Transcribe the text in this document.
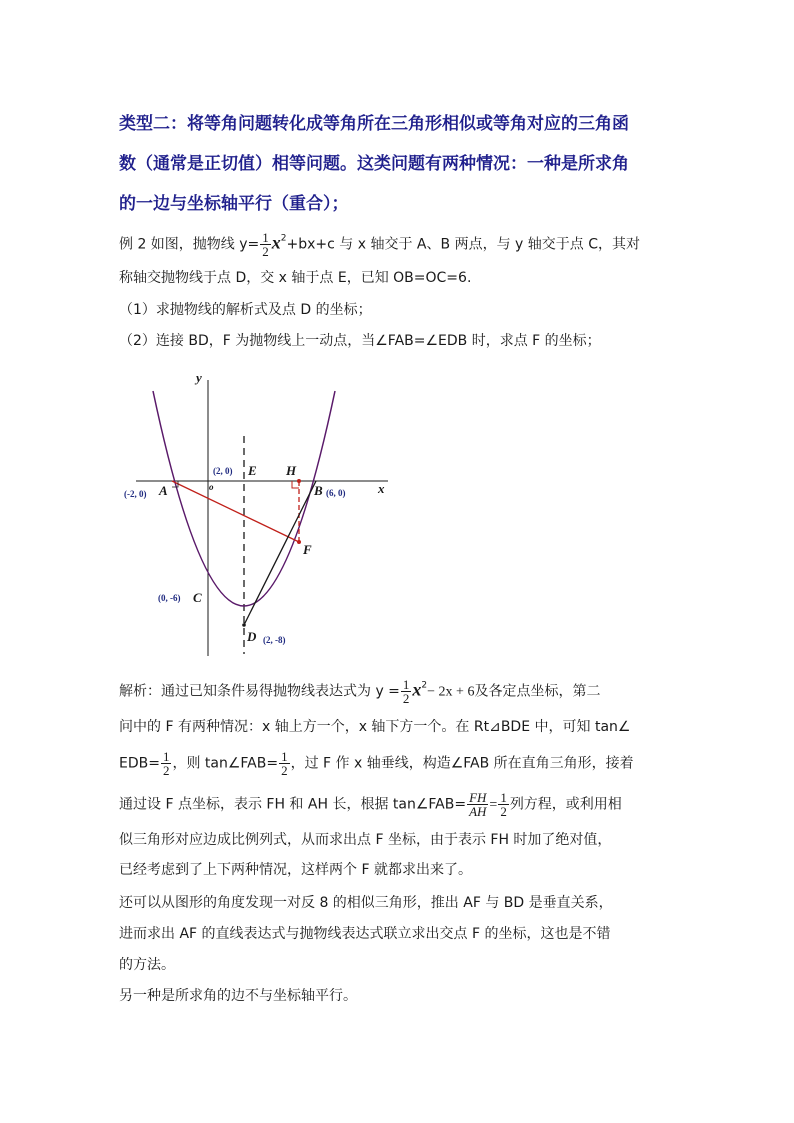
类型二：将等角问题转化成等角所在三角形相似或等角对应的三角函
数（通常是正切值）相等问题。这类问题有两种情况：一种是所求角
的一边与坐标轴平行（重合）；
例 2 如图，抛物线 $y= \frac{1}{2} x^2+bx+c$ 与 x 轴交于 A、B 两点，与 y 轴交于点 C，其对
称轴交抛物线于点 D，交 x 轴于点 E，已知 OB=OC=6.
（1）求抛物线的解析式及点 D 的坐标；
（2）连接 BD，F 为抛物线上一动点，当∠FAB=∠EDB 时，求点 F 的坐标；
y
x
o
A
(-2, 0)	B (6, 0)
E
(2, 0)	H
F
C
(0, -6)
D (2, -8)
解析：通过已知条件易得抛物线表达式为 $y = \frac{1}{2} x^2- 2x + 6$及各定点坐标，第二
问中的 F 有两种情况：x 轴上方一个，x 轴下方一个。在 Rt⊿BDE 中，可知 tan∠
$EDB= \frac{1}{2}$ ，则 tan∠FAB= $\frac{1}{2}$ ，过 F 作 x 轴垂线，构造∠FAB 所在直角三角形，接着
通过设 F 点坐标，表示 FH 和 AH 长，根据 tan∠FAB= $\frac{FH}{AH} = \frac{1}{2}$ 列方程，或利用相
似三角形对应边成比例列式，从而求出点 F 坐标，由于表示 FH 时加了绝对值，
已经考虑到了上下两种情况，这样两个 F 就都求出来了。
还可以从图形的角度发现一对反 8 的相似三角形，推出 AF 与 BD 是垂直关系，
进而求出 AF 的直线表达式与抛物线表达式联立求出交点 F 的坐标，这也是不错
的方法。
另一种是所求角的边不与坐标轴平行。
